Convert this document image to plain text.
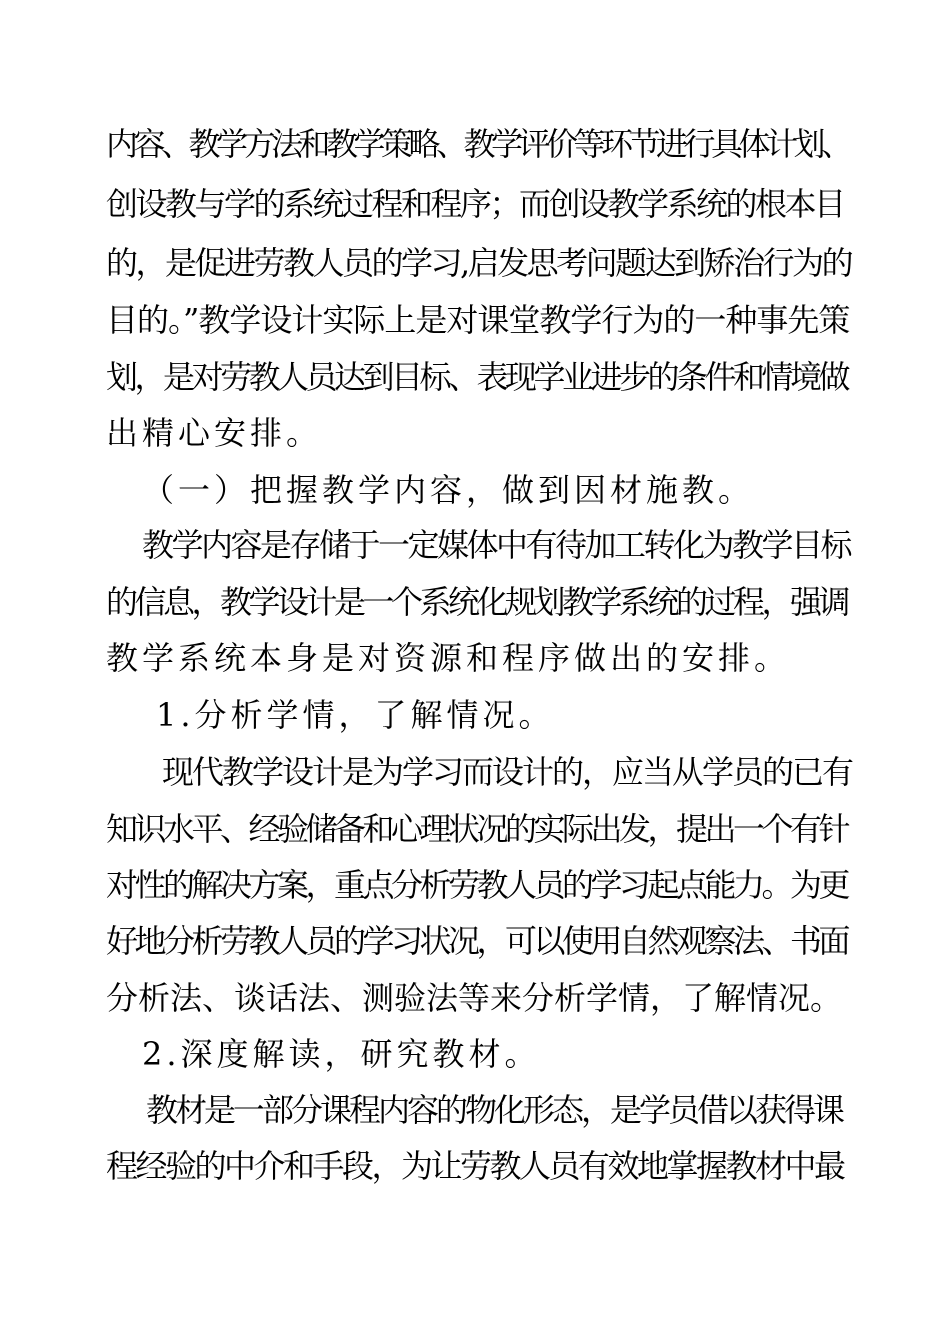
内容、教学方法和教学策略、教学评价等环节进行具体计划、
创设教与学的系统过程和程序；而创设教学系统的根本目
的，是促进劳教人员的学习,启发思考问题达到矫治行为的
目的。”教学设计实际上是对课堂教学行为的一种事先策
划，是对劳教人员达到目标、表现学业进步的条件和情境做
出精心安排。
（一）把握教学内容，做到因材施教。
教学内容是存储于一定媒体中有待加工转化为教学目标
的信息，教学设计是一个系统化规划教学系统的过程，强调
教学系统本身是对资源和程序做出的安排。
1.分析学情，了解情况。
现代教学设计是为学习而设计的，应当从学员的已有
知识水平、经验储备和心理状况的实际出发，提出一个有针
对性的解决方案，重点分析劳教人员的学习起点能力。为更
好地分析劳教人员的学习状况，可以使用自然观察法、书面
分析法、谈话法、测验法等来分析学情，了解情况。
2.深度解读，研究教材。
教材是一部分课程内容的物化形态，是学员借以获得课
程经验的中介和手段，为让劳教人员有效地掌握教材中最
